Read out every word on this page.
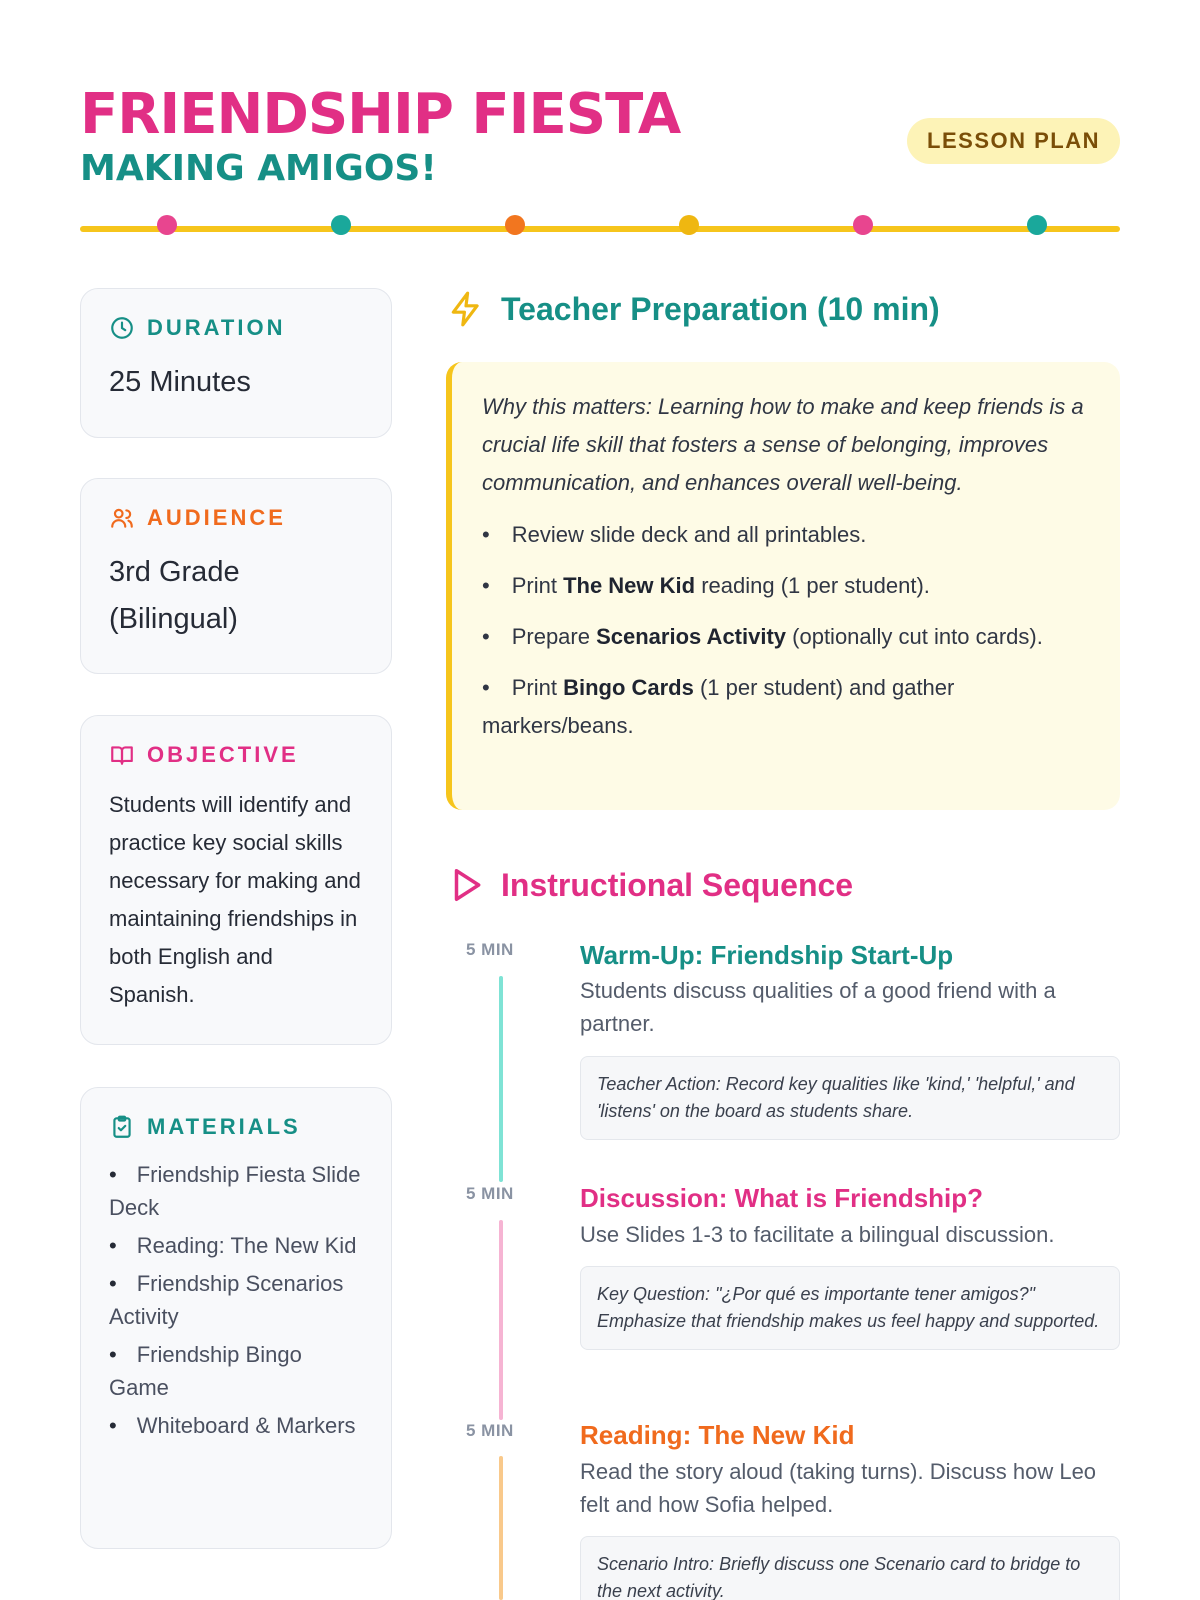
FRIENDSHIP FIESTA
MAKING AMIGOS!
LESSON PLAN
DURATION
25 Minutes
AUDIENCE
3rd Grade
(Bilingual)
OBJECTIVE
Students will identify and practice key social skills necessary for making and maintaining friendships in both English and Spanish.
MATERIALS
• Friendship Fiesta Slide Deck
• Reading: The New Kid
• Friendship Scenarios Activity
• Friendship Bingo Game
• Whiteboard & Markers
Teacher Preparation (10 min)
Why this matters: Learning how to make and keep friends is a crucial life skill that fosters a sense of belonging, improves communication, and enhances overall well-being.
• Review slide deck and all printables.
• Print The New Kid reading (1 per student).
• Prepare Scenarios Activity (optionally cut into cards).
• Print Bingo Cards (1 per student) and gather markers/beans.
Instructional Sequence
5 MIN	Warm-Up: Friendship Start-Up
Students discuss qualities of a good friend with a partner.
Teacher Action: Record key qualities like 'kind,' 'helpful,' and 'listens' on the board as students share.
5 MIN	Discussion: What is Friendship?
Use Slides 1-3 to facilitate a bilingual discussion.
Key Question: "¿Por qué es importante tener amigos?" Emphasize that friendship makes us feel happy and supported.
5 MIN	Reading: The New Kid
Read the story aloud (taking turns). Discuss how Leo felt and how Sofia helped.
Scenario Intro: Briefly discuss one Scenario card to bridge to the next activity.
